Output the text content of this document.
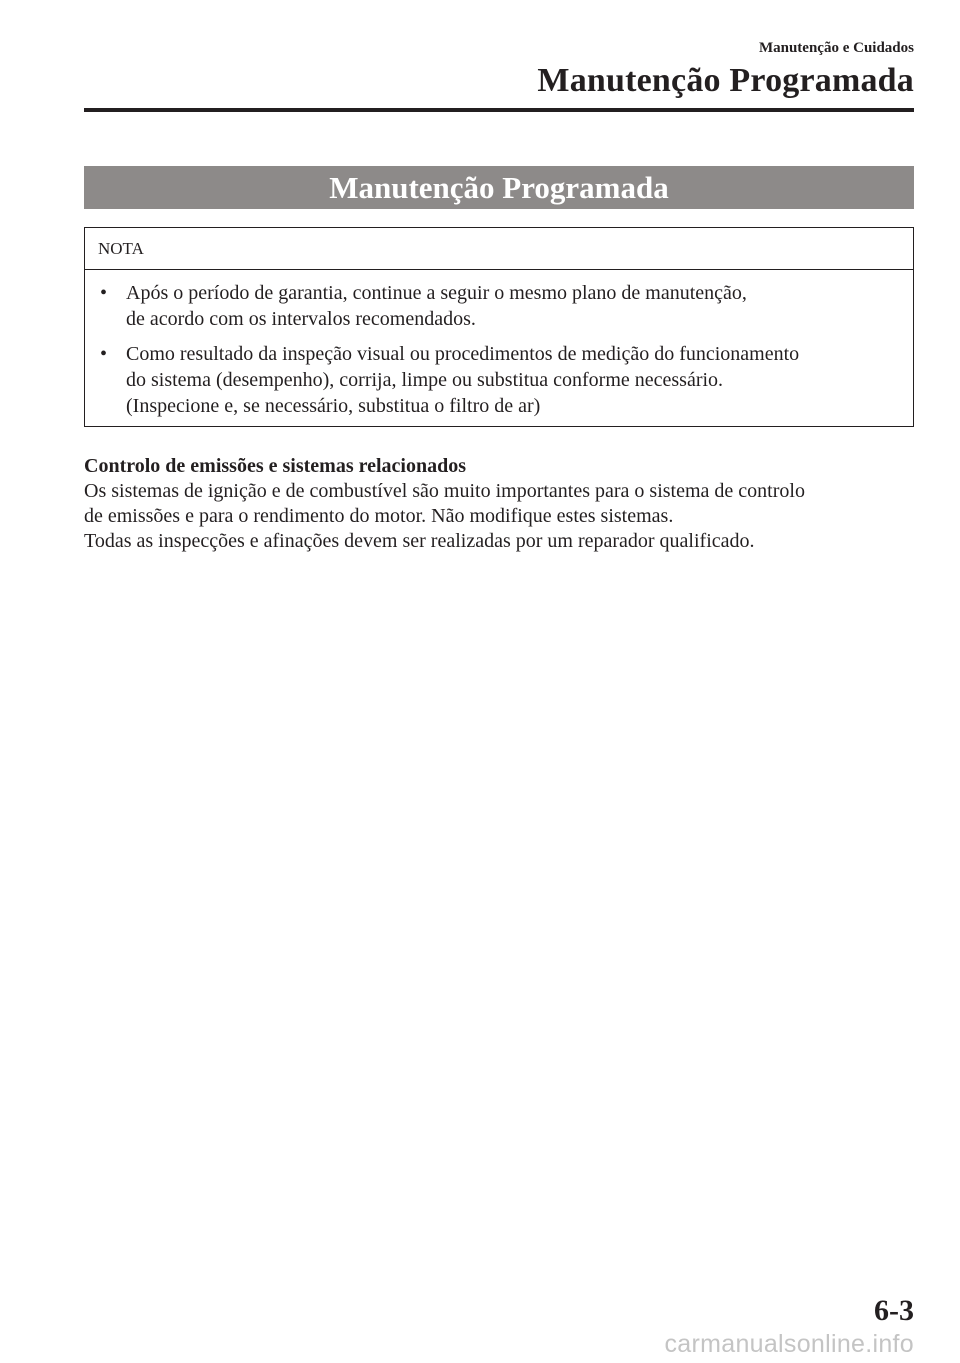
Manutenção e Cuidados
Manutenção Programada
Manutenção Programada
NOTA
• Após o período de garantia, continue a seguir o mesmo plano de manutenção,
de acordo com os intervalos recomendados.
• Como resultado da inspeção visual ou procedimentos de medição do funcionamento
do sistema (desempenho), corrija, limpe ou substitua conforme necessário.
(Inspecione e, se necessário, substitua o filtro de ar)

Controlo de emissões e sistemas relacionados

Os sistemas de ignição e de combustível são muito importantes para o sistema de controlo

de emissões e para o rendimento do motor. Não modifique estes sistemas.

Todas as inspecções e afinações devem ser realizadas por um reparador qualificado.

6-3
carmanualsonline.info
